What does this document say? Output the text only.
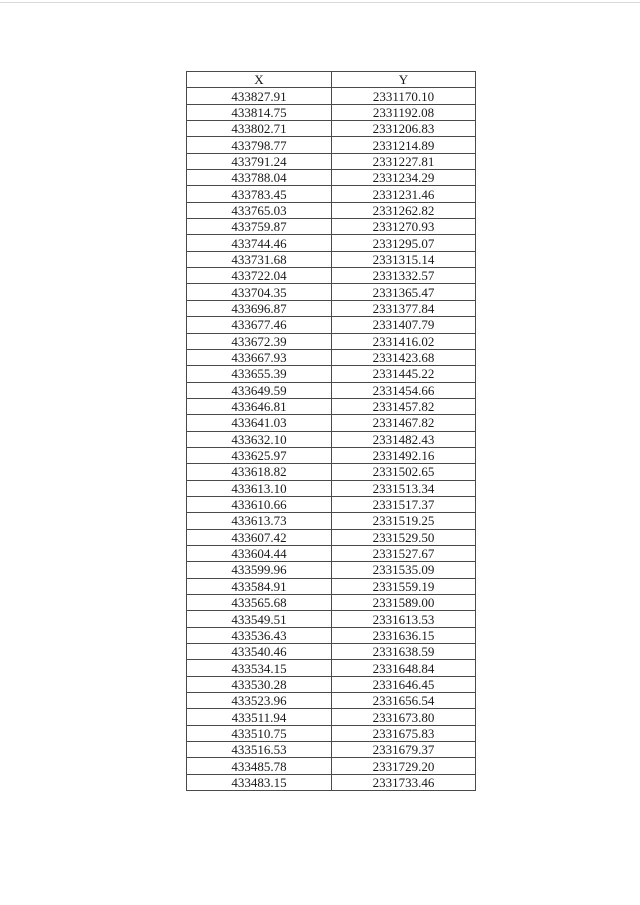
X	Y
433827.91	2331170.10
433814.75	2331192.08
433802.71	2331206.83
433798.77	2331214.89
433791.24	2331227.81
433788.04	2331234.29
433783.45	2331231.46
433765.03	2331262.82
433759.87	2331270.93
433744.46	2331295.07
433731.68	2331315.14
433722.04	2331332.57
433704.35	2331365.47
433696.87	2331377.84
433677.46	2331407.79
433672.39	2331416.02
433667.93	2331423.68
433655.39	2331445.22
433649.59	2331454.66
433646.81	2331457.82
433641.03	2331467.82
433632.10	2331482.43
433625.97	2331492.16
433618.82	2331502.65
433613.10	2331513.34
433610.66	2331517.37
433613.73	2331519.25
433607.42	2331529.50
433604.44	2331527.67
433599.96	2331535.09
433584.91	2331559.19
433565.68	2331589.00
433549.51	2331613.53
433536.43	2331636.15
433540.46	2331638.59
433534.15	2331648.84
433530.28	2331646.45
433523.96	2331656.54
433511.94	2331673.80
433510.75	2331675.83
433516.53	2331679.37
433485.78	2331729.20
433483.15	2331733.46
